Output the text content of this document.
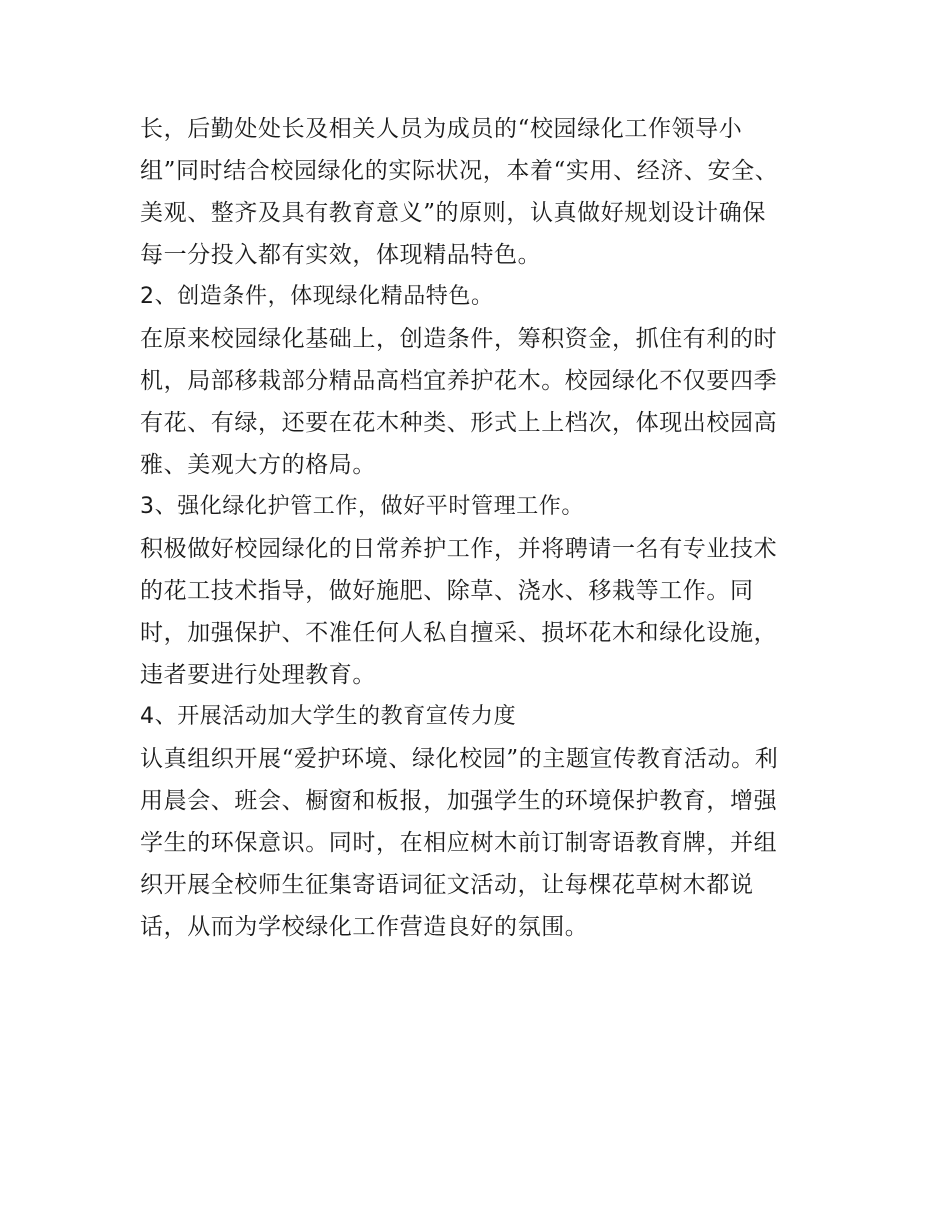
长，后勤处处长及相关人员为成员的“校园绿化工作领导小
组”同时结合校园绿化的实际状况，本着“实用、经济、安全、
美观、整齐及具有教育意义”的原则，认真做好规划设计确保
每一分投入都有实效，体现精品特色。
2、创造条件，体现绿化精品特色。
在原来校园绿化基础上，创造条件，筹积资金，抓住有利的时
机，局部移栽部分精品高档宜养护花木。校园绿化不仅要四季
有花、有绿，还要在花木种类、形式上上档次，体现出校园高
雅、美观大方的格局。
3、强化绿化护管工作，做好平时管理工作。
积极做好校园绿化的日常养护工作，并将聘请一名有专业技术
的花工技术指导，做好施肥、除草、浇水、移栽等工作。同
时，加强保护、不准任何人私自擅采、损坏花木和绿化设施，
违者要进行处理教育。
4、开展活动加大学生的教育宣传力度
认真组织开展“爱护环境、绿化校园”的主题宣传教育活动。利
用晨会、班会、橱窗和板报，加强学生的环境保护教育，增强
学生的环保意识。同时，在相应树木前订制寄语教育牌，并组
织开展全校师生征集寄语词征文活动，让每棵花草树木都说
话，从而为学校绿化工作营造良好的氛围。
